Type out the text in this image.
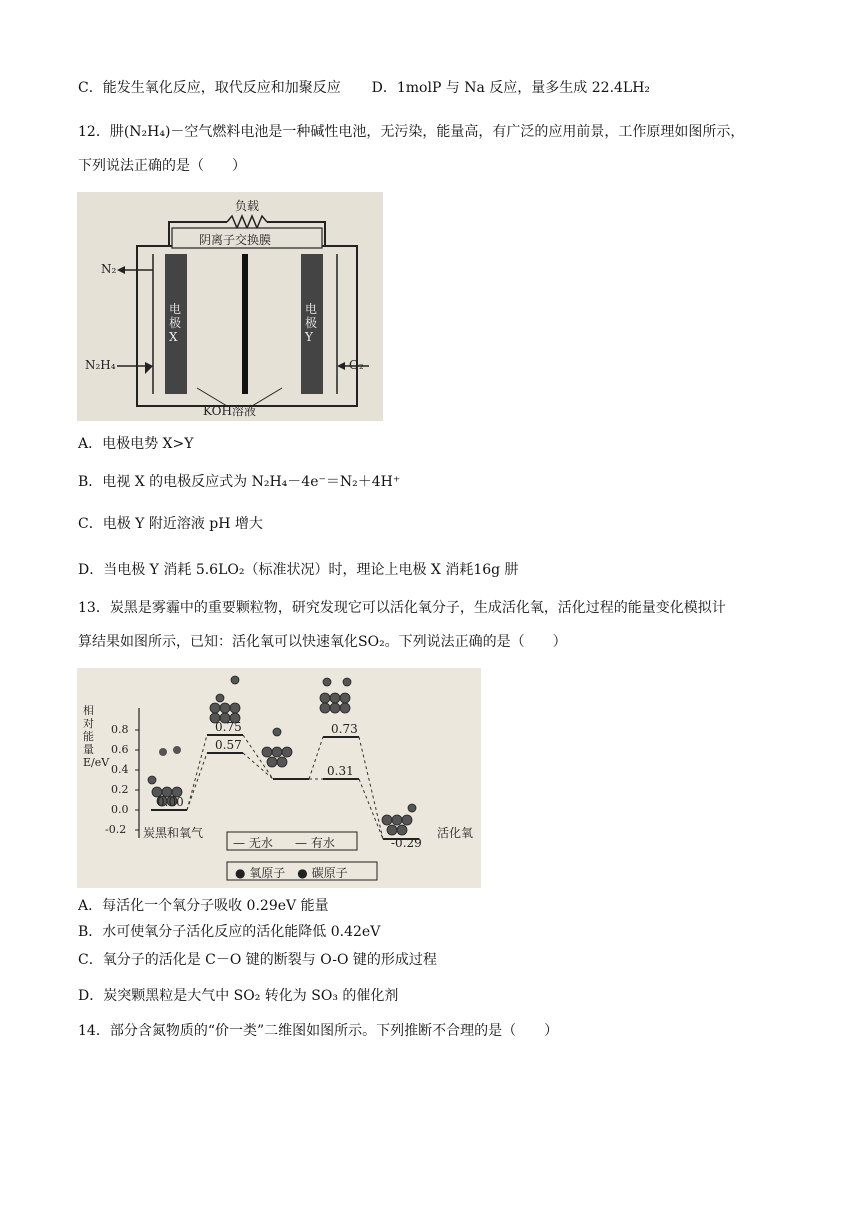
C．能发生氧化反应，取代反应和加聚反应 D．1molP 与 Na 反应，量多生成 22.4LH₂
12．肼(N₂H₄)－空气燃料电池是一种碱性电池，无污染，能量高，有广泛的应用前景，工作原理如图所示，
下列说法正确的是（　　）
负载
阴离子交换膜
N₂
N₂H₄	O₂
电极X
电极Y
KOH溶液
A．电极电势 X>Y
B．电视 X 的电极反应式为 N₂H₄－4e⁻＝N₂＋4H⁺
C．电极 Y 附近溶液 pH 增大
D．当电极 Y 消耗 5.6LO₂（标准状况）时，理论上电极 X 消耗16g 肼
13．炭黑是雾霾中的重要颗粒物，研究发现它可以活化氧分子，生成活化氧，活化过程的能量变化模拟计
算结果如图所示，已知：活化氧可以快速氧化SO₂。下列说法正确的是（　　）
相对能量E/eV
0.8
0.6
0.4
0.2
0.0
-0.2
0.75
0.57
0.73
0.31
0.00
-0.29
炭黑和氧气	活化氧
— 无水 — 有水
● 氧原子　● 碳原子
A．每活化一个氧分子吸收 0.29eV 能量
B．水可使氧分子活化反应的活化能降低 0.42eV
C．氧分子的活化是 C－O 键的断裂与 O-O 键的形成过程
D．炭突颗黑粒是大气中 SO₂ 转化为 SO₃ 的催化剂
14．部分含氮物质的“价一类”二维图如图所示。下列推断不合理的是（　　）
